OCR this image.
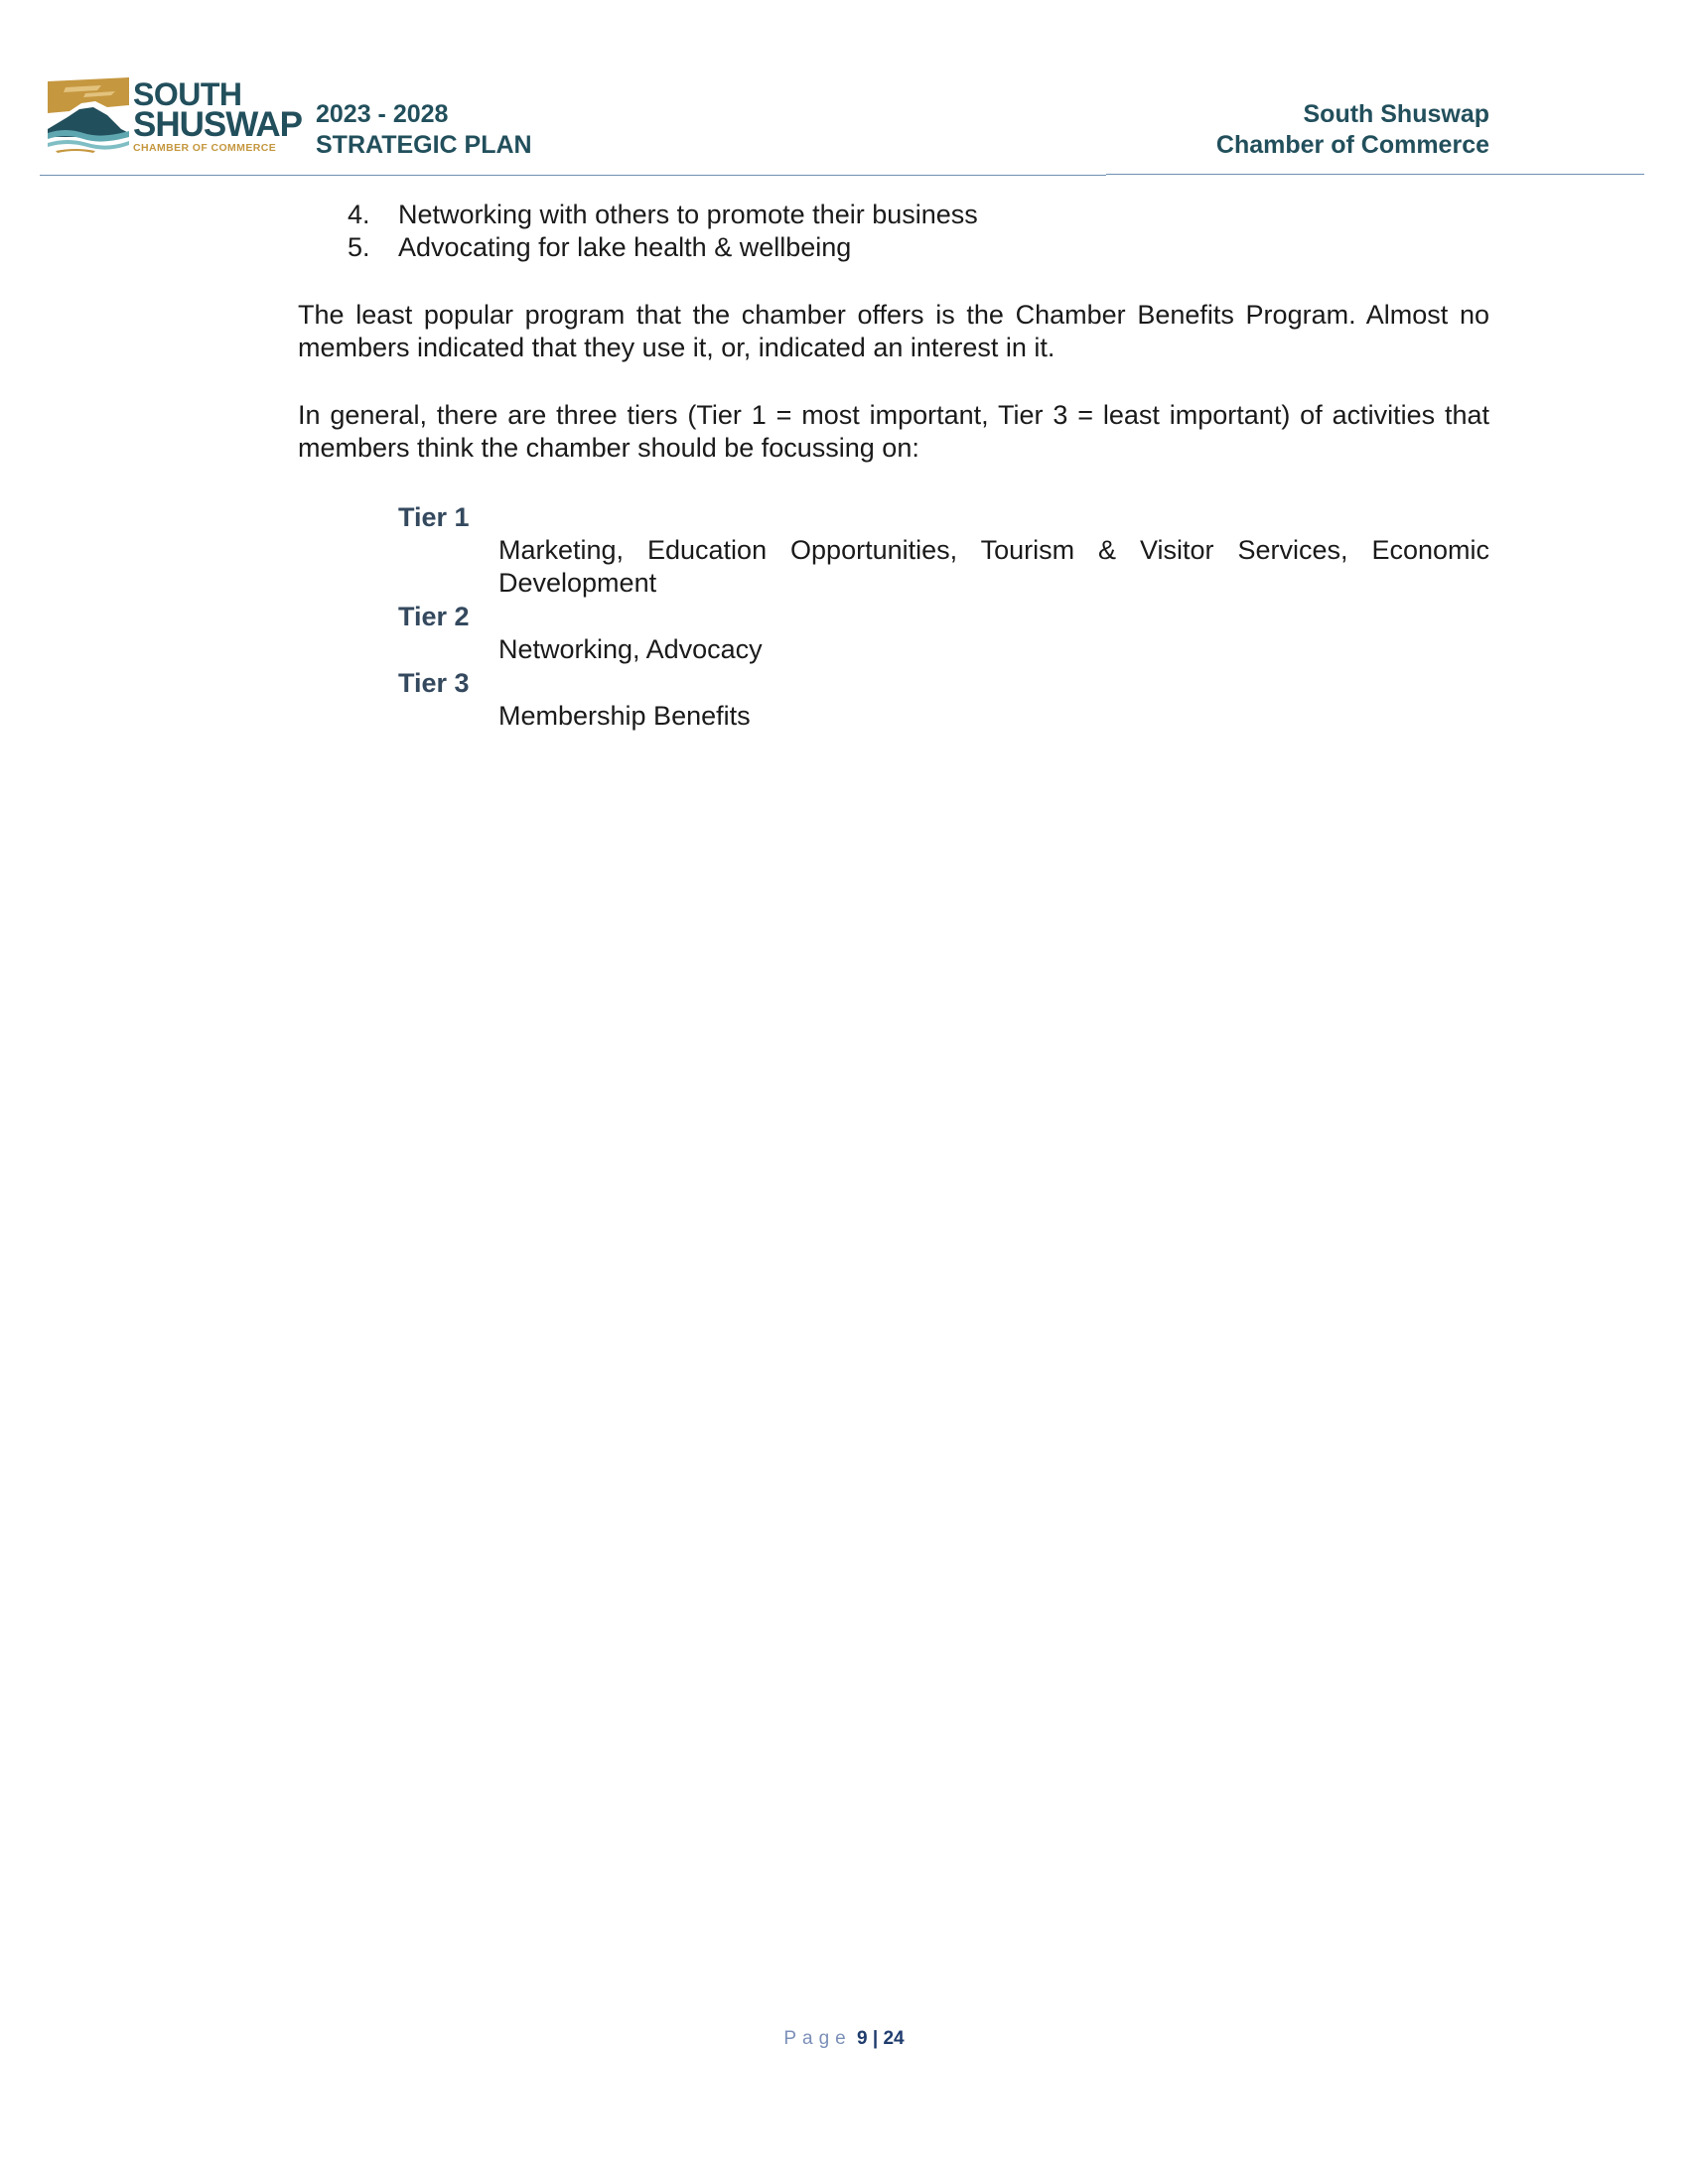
SOUTH
SHUSWAP
CHAMBER OF COMMERCE
2023 - 2028
STRATEGIC PLAN
South Shuswap
Chamber of Commerce
4. Networking with others to promote their business
5. Advocating for lake health & wellbeing

The least popular program that the chamber offers is the Chamber Benefits Program. Almost no members indicated that they use it, or, indicated an interest in it.

In general, there are three tiers (Tier 1 = most important, Tier 3 = least important) of activities that members think the chamber should be focussing on:

Tier 1
Marketing, Education Opportunities, Tourism & Visitor Services, Economic Development
Tier 2
Networking, Advocacy
Tier 3
Membership Benefits
Page 9 | 24
